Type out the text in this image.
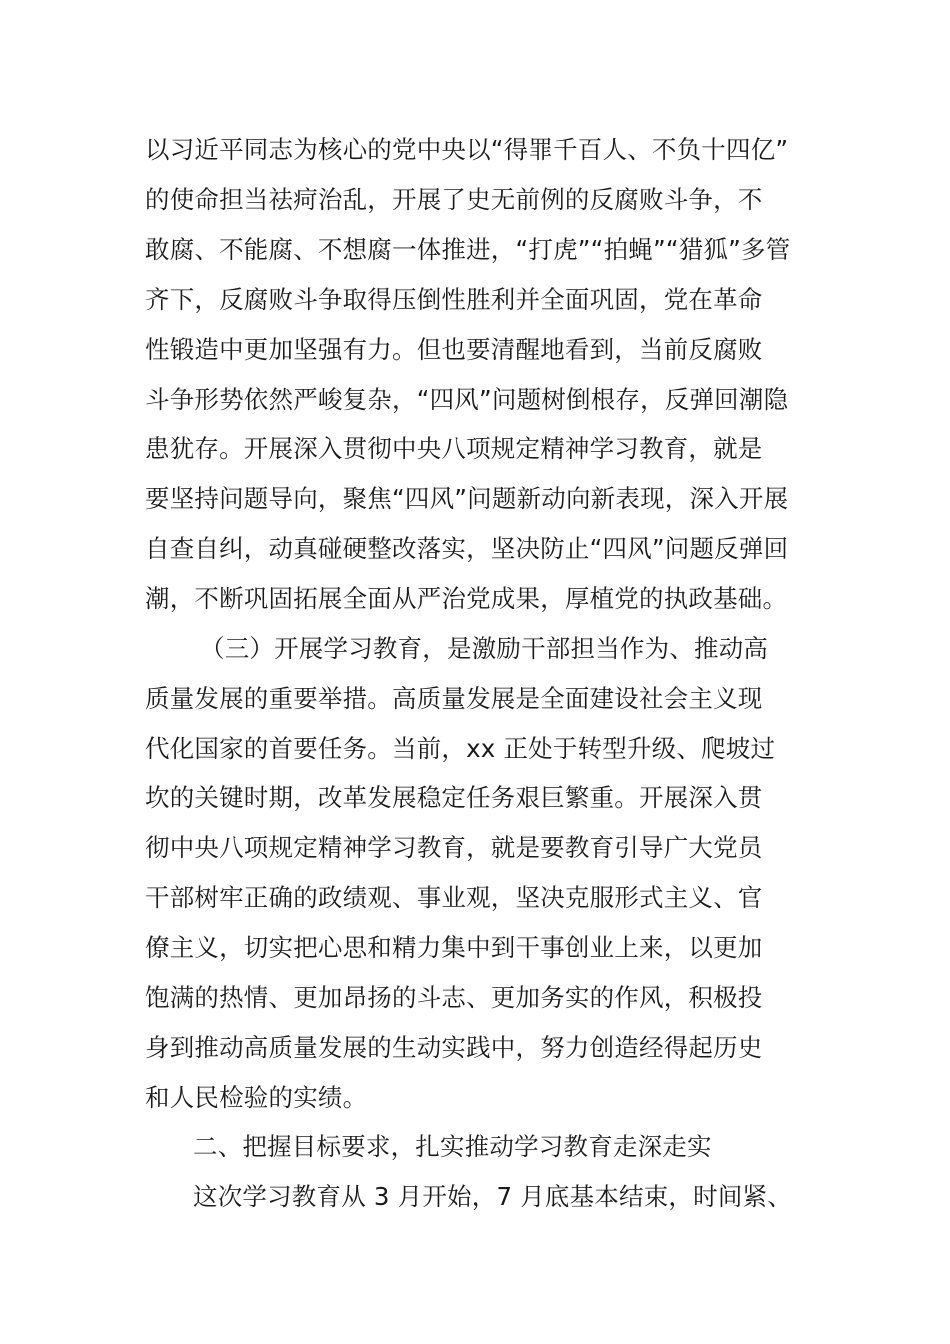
以习近平同志为核心的党中央以“得罪千百人、不负十四亿”
的使命担当祛疴治乱，开展了史无前例的反腐败斗争，不
敢腐、不能腐、不想腐一体推进，“打虎”“拍蝇”“猎狐”多管
齐下，反腐败斗争取得压倒性胜利并全面巩固，党在革命
性锻造中更加坚强有力。但也要清醒地看到，当前反腐败
斗争形势依然严峻复杂，“四风”问题树倒根存，反弹回潮隐
患犹存。开展深入贯彻中央八项规定精神学习教育，就是
要坚持问题导向，聚焦“四风”问题新动向新表现，深入开展
自查自纠，动真碰硬整改落实，坚决防止“四风”问题反弹回
潮，不断巩固拓展全面从严治党成果，厚植党的执政基础。
（三）开展学习教育，是激励干部担当作为、推动高
质量发展的重要举措。高质量发展是全面建设社会主义现
代化国家的首要任务。当前，xx 正处于转型升级、爬坡过
坎的关键时期，改革发展稳定任务艰巨繁重。开展深入贯
彻中央八项规定精神学习教育，就是要教育引导广大党员
干部树牢正确的政绩观、事业观，坚决克服形式主义、官
僚主义，切实把心思和精力集中到干事创业上来，以更加
饱满的热情、更加昂扬的斗志、更加务实的作风，积极投
身到推动高质量发展的生动实践中，努力创造经得起历史
和人民检验的实绩。
二、把握目标要求，扎实推动学习教育走深走实
这次学习教育从 3 月开始，7 月底基本结束，时间紧、
